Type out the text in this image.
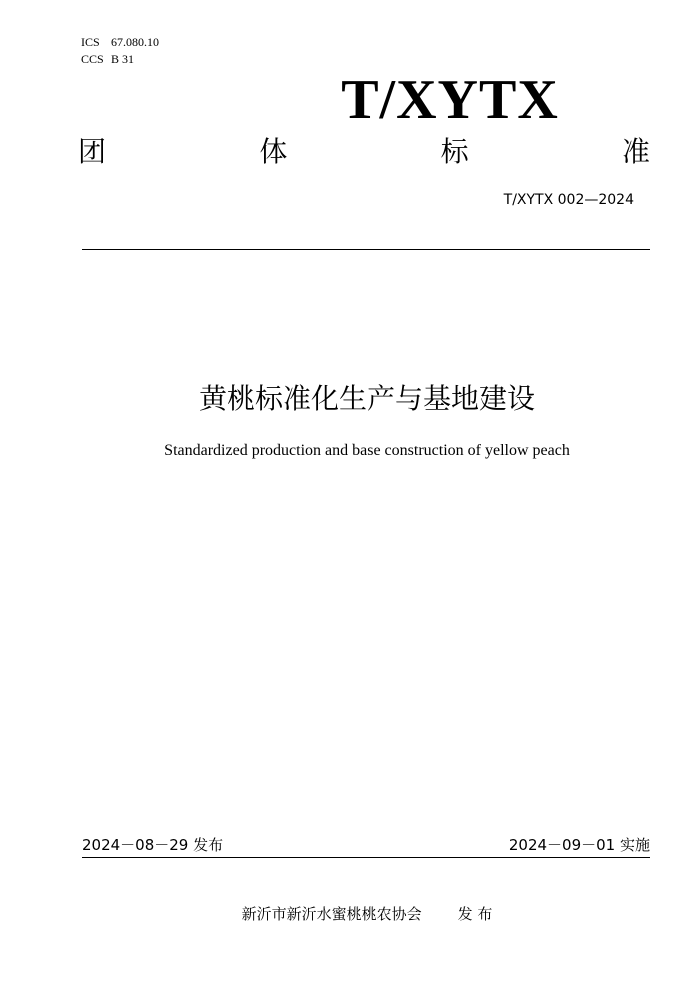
ICS 67.080.10
CCS B 31
T/XYTX
团	体	标	准
T/XYTX 002—2024
黄桃标准化生产与基地建设
Standardized production and base construction of yellow peach
2024－08－29 发布	2024－09－01 实施
新沂市新沂水蜜桃桃农协会 发 布
